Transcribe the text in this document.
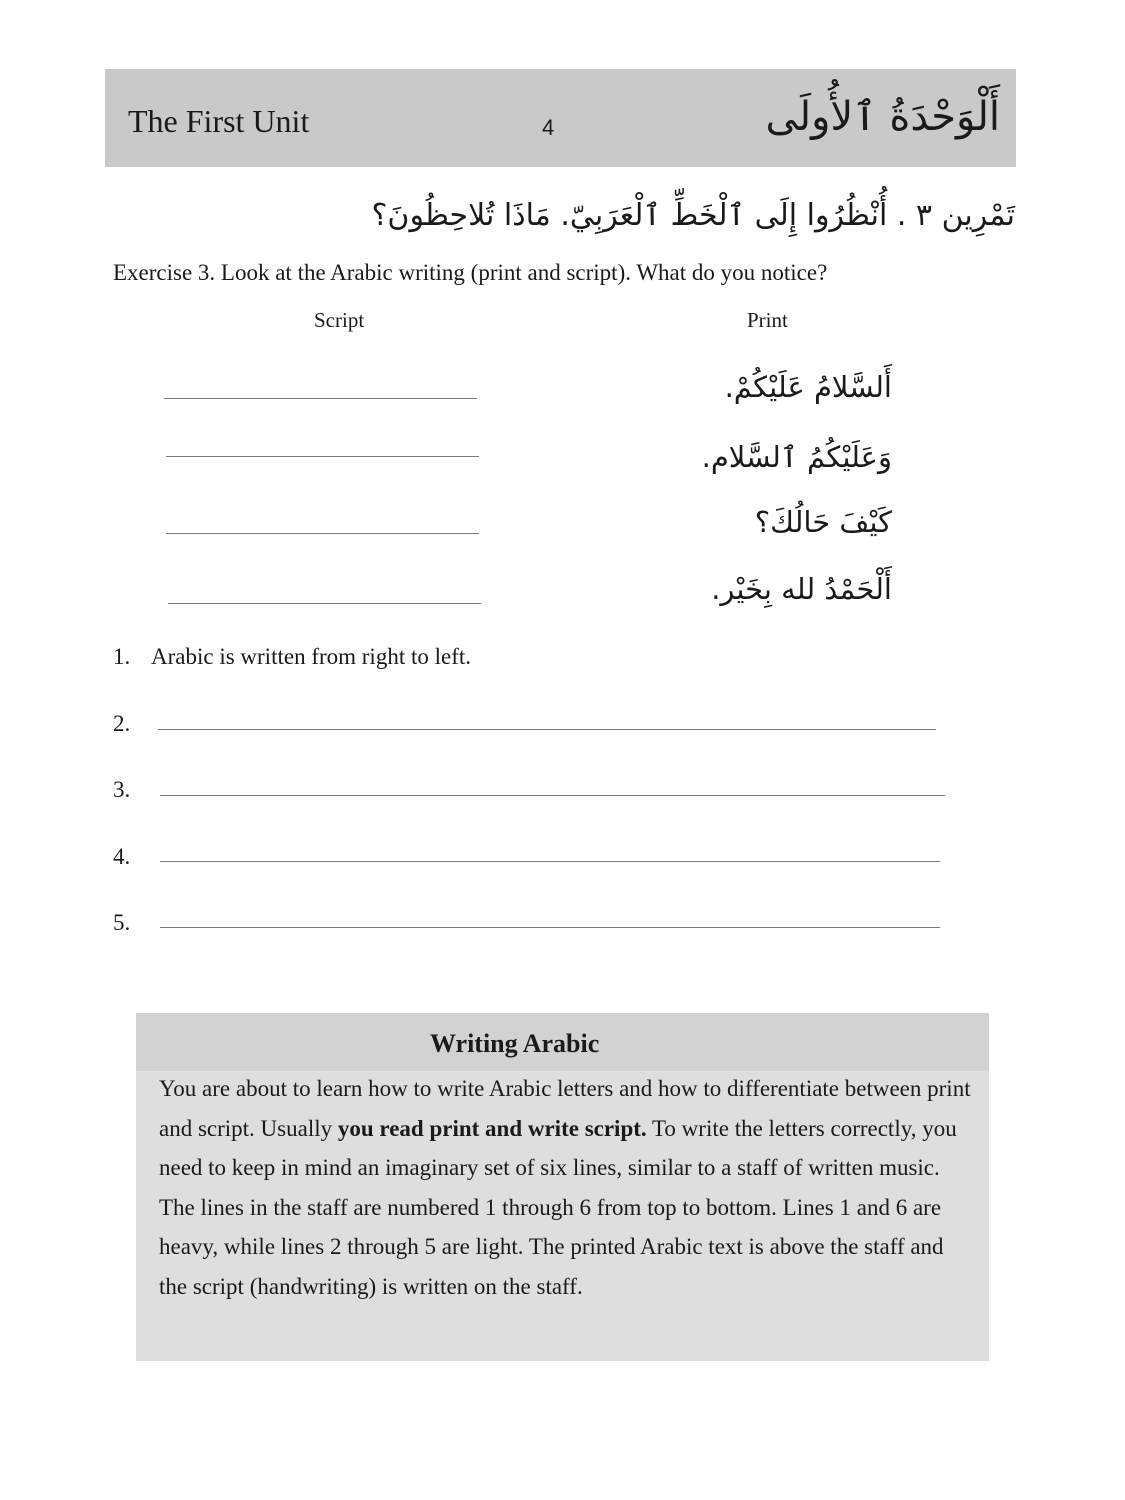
The First Unit	4	أَلْوَحْدَةُ ٱلأُولَى
تَمْرِين ٣ . أُنْظُرُوا إِلَى ٱلْخَطِّ ٱلْعَرَبِيّ. مَاذَا تُلاحِظُونَ؟
Exercise 3. Look at the Arabic writing (print and script). What do you notice?
Script	Print
أَلسَّلامُ عَلَيْكُمْ.
وَعَلَيْكُمُ ٱلسَّلام.
كَيْفَ حَالُكَ؟
أَلْحَمْدُ لله بِخَيْر.
1. Arabic is written from right to left.
2.
3.
4.
5.
Writing Arabic
You are about to learn how to write Arabic letters and how to differentiate between print and script. Usually you read print and write script. To write the letters correctly, you need to keep in mind an imaginary set of six lines, similar to a staff of written music. The lines in the staff are numbered 1 through 6 from top to bottom. Lines 1 and 6 are heavy, while lines 2 through 5 are light. The printed Arabic text is above the staff and the script (handwriting) is written on the staff.
